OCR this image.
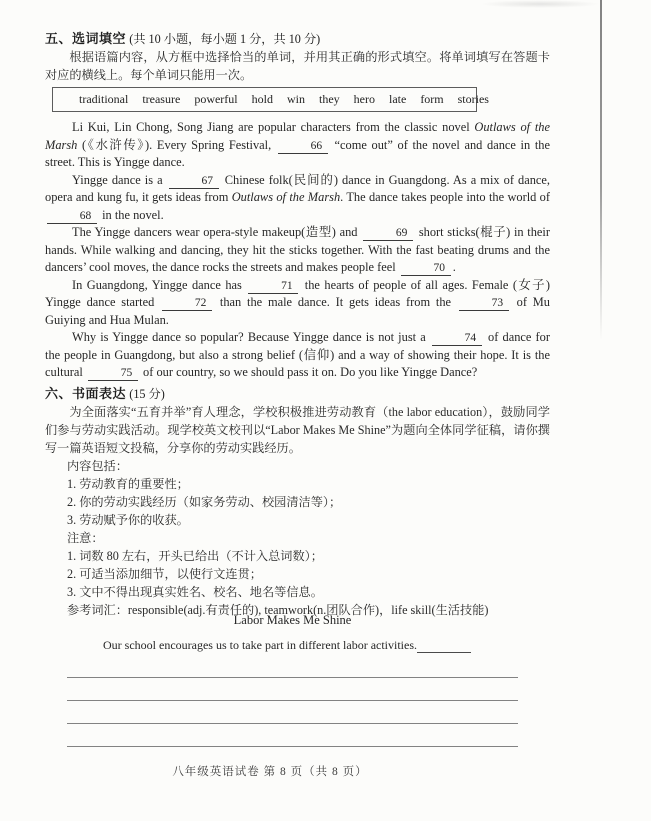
五、选词填空 (共 10 小题，每小题 1 分，共 10 分)

根据语篇内容，从方框中选择恰当的单词，并用其正确的形式填空。将单词填写在答题卡对应的横线上。每个单词只能用一次。

traditional treasure powerful hold win they hero late form stories

Li Kui, Lin Chong, Song Jiang are popular characters from the classic novel Outlaws of the Marsh (《水浒传》). Every Spring Festival,	66 “come out” of the novel and dance in the street. This is Yingge dance.

Yingge dance is a	67 Chinese folk(民间的) dance in Guangdong. As a mix of dance, opera and kung fu, it gets ideas from Outlaws of the Marsh. The dance takes people into the world of 68 in the novel.

The Yingge dancers wear opera-style makeup(造型) and	69 short sticks(棍子) in their hands. While walking and dancing, they hit the sticks together. With the fast beating drums and the dancers’ cool moves, the dance rocks the streets and makes people feel	70 .

In Guangdong, Yingge dance has	71 the hearts of people of all ages. Female (女子) Yingge dance started	72 than the male dance. It gets ideas from the	73 of Mu Guiying and Hua Mulan.

Why is Yingge dance so popular? Because Yingge dance is not just a	74 of dance for the people in Guangdong, but also a strong belief (信仰) and a way of showing their hope. It is the cultural	75 of our country, so we should pass it on. Do you like Yingge Dance?

六、书面表达 (15 分)

为全面落实“五育并举”育人理念，学校积极推进劳动教育（the labor education），鼓励同学们参与劳动实践活动。现学校英文校刊以“Labor Makes Me Shine”为题向全体同学征稿，请你撰写一篇英语短文投稿，分享你的劳动实践经历。

内容包括：

1. 劳动教育的重要性；

2. 你的劳动实践经历（如家务劳动、校园清洁等）；

3. 劳动赋予你的收获。

注意：

1. 词数 80 左右，开头已给出（不计入总词数）；

2. 可适当添加细节，以使行文连贯；

3. 文中不得出现真实姓名、校名、地名等信息。

参考词汇：responsible(adj.有责任的), teamwork(n.团队合作)，life skill(生活技能)

Labor Makes Me Shine
Our school encourages us to take part in different labor activities.
八年级英语试卷 第 8 页（共 8 页）
